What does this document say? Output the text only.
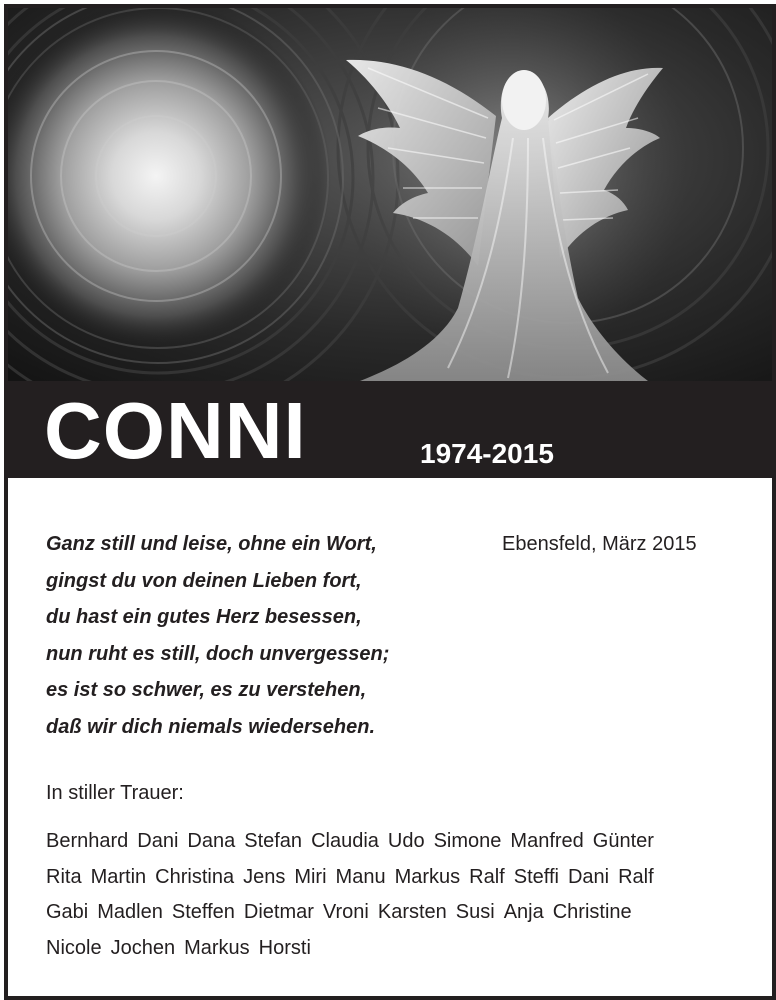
CONNI	1974-2015
Ganz still und leise, ohne ein Wort,
gingst du von deinen Lieben fort,
du hast ein gutes Herz besessen,
nun ruht es still, doch unvergessen;
es ist so schwer, es zu verstehen,
daß wir dich niemals wiedersehen.
Ebensfeld, März 2015
In stiller Trauer:
Bernhard Dani Dana Stefan Claudia Udo Simone Manfred Günter
Rita Martin Christina Jens Miri Manu Markus Ralf Steffi Dani Ralf
Gabi Madlen Steffen Dietmar Vroni Karsten Susi Anja Christine
Nicole Jochen Markus Horsti
